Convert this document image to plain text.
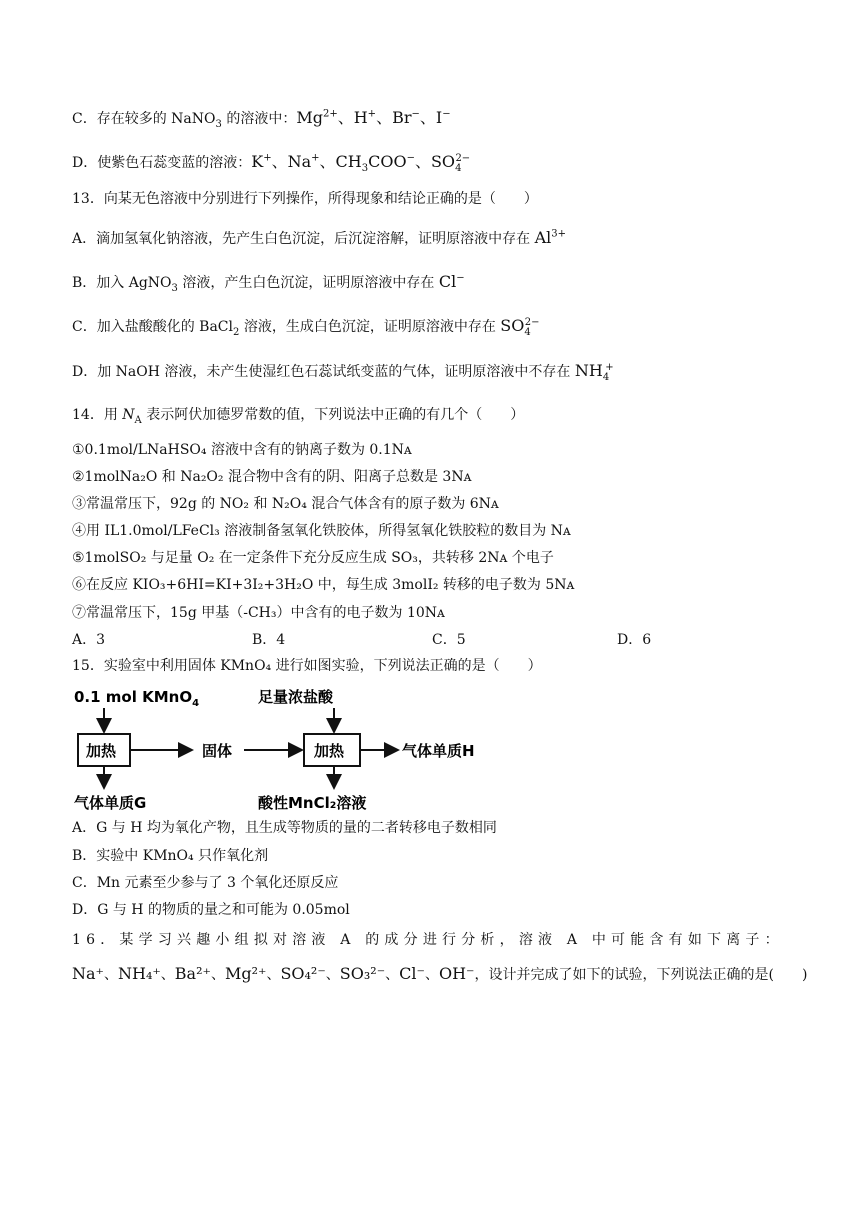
C．存在较多的 NaNO$_3$ 的溶液中：$Mg^{2+}$、H+、Br−、I−
D．使紫色石蕊变蓝的溶液：K+、Na+、$CH_3COO^-$、$SO_4^{2-}$
13．向某无色溶液中分别进行下列操作，所得现象和结论正确的是（　　）
A．滴加氢氧化钠溶液，先产生白色沉淀，后沉淀溶解，证明原溶液中存在 $Al^{3+}$
B．加入 AgNO$_3$ 溶液，产生白色沉淀，证明原溶液中存在 Cl−
C．加入盐酸酸化的 BaCl$_2$ 溶液，生成白色沉淀，证明原溶液中存在 $SO_4^{2-}$
D．加 NaOH 溶液，未产生使湿红色石蕊试纸变蓝的气体，证明原溶液中不存在 $NH_4^+$
14．用 $N_A$ 表示阿伏加德罗常数的值，下列说法中正确的有几个（　　）
①0.1mol/LNaHSO₄ 溶液中含有的钠离子数为 0.1Nᴀ
②1molNa₂O 和 Na₂O₂ 混合物中含有的阴、阳离子总数是 3Nᴀ
③常温常压下，92g 的 NO₂ 和 N₂O₄ 混合气体含有的原子数为 6Nᴀ
④用 IL1.0mol/LFeCl₃ 溶液制备氢氧化铁胶体，所得氢氧化铁胶粒的数目为 Nᴀ
⑤1molSO₂ 与足量 O₂ 在一定条件下充分反应生成 SO₃，共转移 2Nᴀ 个电子
⑥在反应 KIO₃+6HI=KI+3I₂+3H₂O 中，每生成 3molI₂ 转移的电子数为 5Nᴀ
⑦常温常压下，15g 甲基（-CH₃）中含有的电子数为 10Nᴀ
A．3	B．4	C．5	D．6
15．实验室中利用固体 KMnO₄ 进行如图实验，下列说法正确的是（　　）
0.1 mol KMnO$_4$
加热	固体
气体单质G
足量浓盐酸
加热	气体单质H
酸性MnCl₂溶液
A．G 与 H 均为氧化产物，且生成等物质的量的二者转移电子数相同
B．实验中 KMnO₄ 只作氧化剂
C．Mn 元素至少参与了 3 个氧化还原反应
D．G 与 H 的物质的量之和可能为 0.05mol
16．某学习兴趣小组拟对溶液 A 的成分进行分析，溶液 A 中可能含有如下离子：
Na⁺、NH₄⁺、Ba²⁺、Mg²⁺、SO₄²⁻、SO₃²⁻、Cl⁻、OH⁻，设计并完成了如下的试验，下列说法正确的是(　　)
